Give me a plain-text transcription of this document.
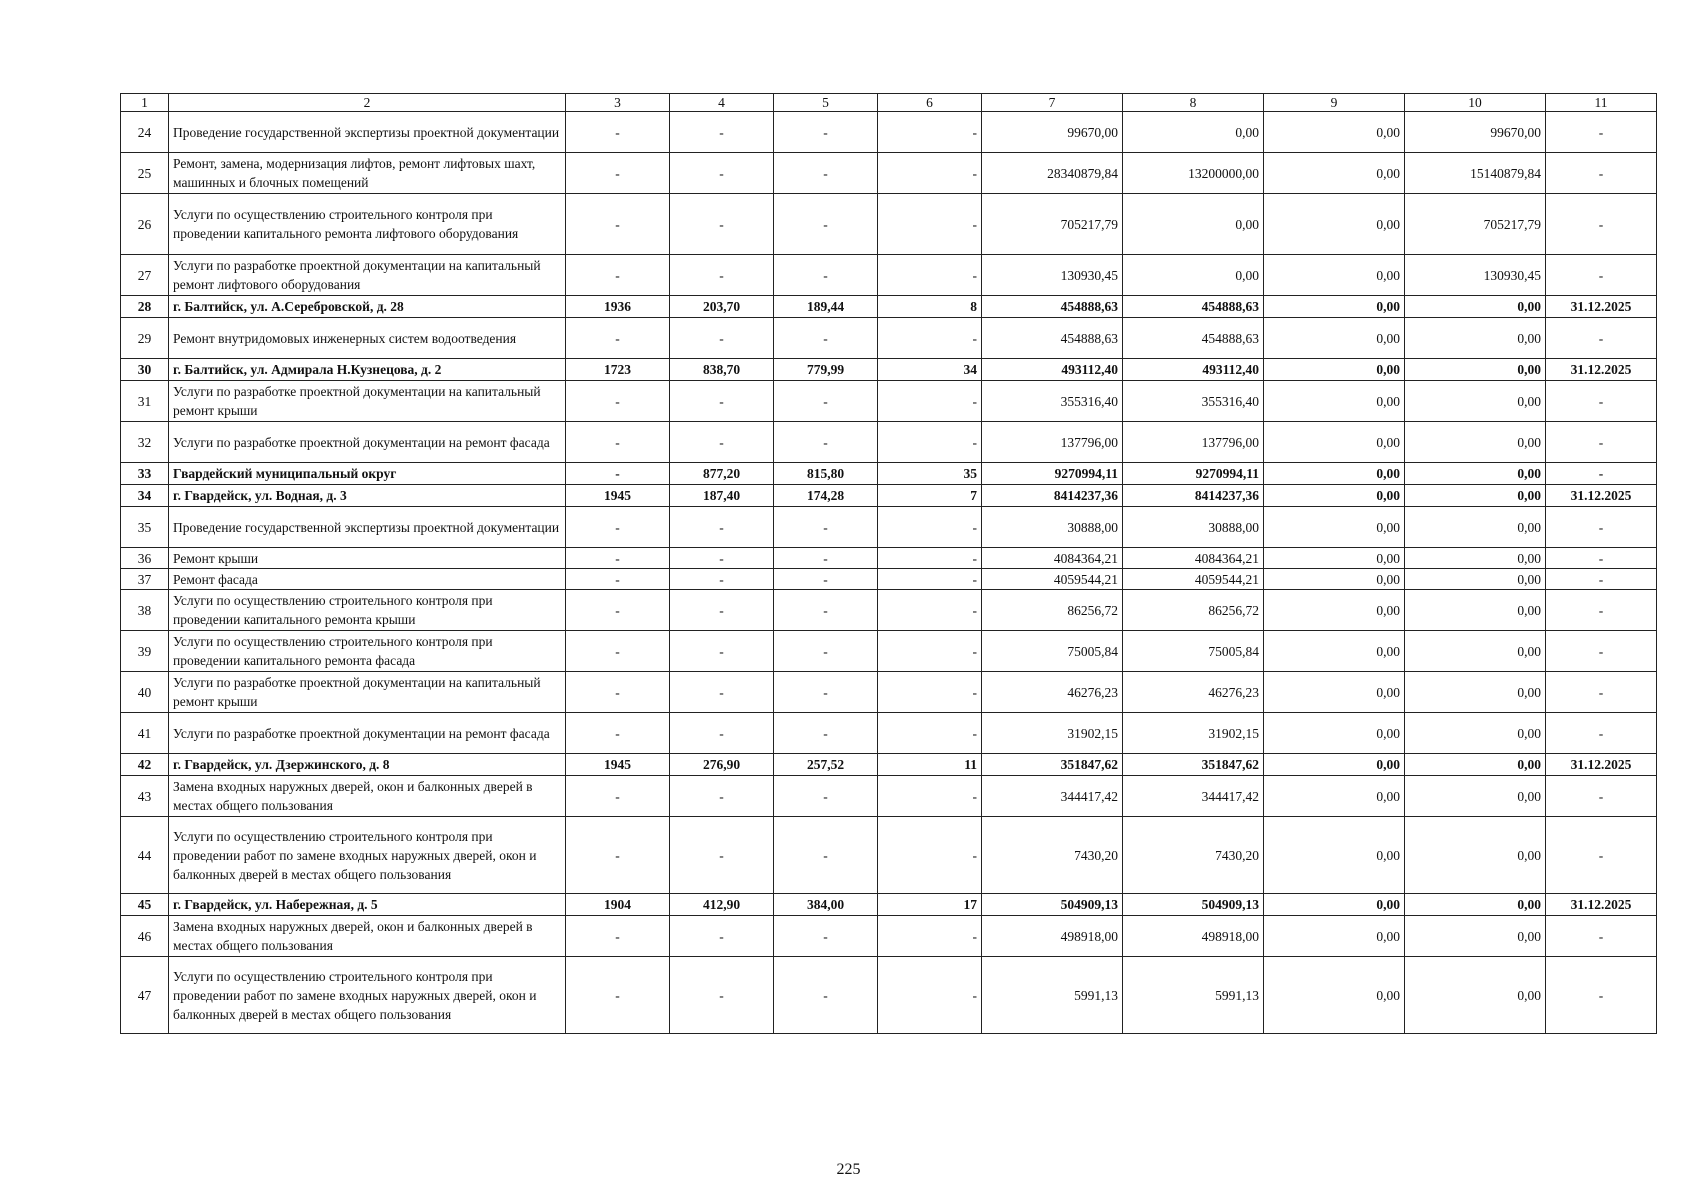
1	2	3	4	5	6	7	8	9	10	11
24	Проведение государственной экспертизы проектной документации	-	-	-	-	99670,00	0,00	0,00	99670,00	-
25	Ремонт, замена, модернизация лифтов, ремонт лифтовых шахт, машинных и блочных помещений	-	-	-	-	28340879,84	13200000,00	0,00	15140879,84	-
26	Услуги по осуществлению строительного контроля при проведении капитального ремонта лифтового оборудования	-	-	-	-	705217,79	0,00	0,00	705217,79	-
27	Услуги по разработке проектной документации на капитальный ремонт лифтового оборудования	-	-	-	-	130930,45	0,00	0,00	130930,45	-
28	г. Балтийск, ул. А.Серебровской, д. 28	1936	203,70	189,44	8	454888,63	454888,63	0,00	0,00	31.12.2025
29	Ремонт внутридомовых инженерных систем водоотведения	-	-	-	-	454888,63	454888,63	0,00	0,00	-
30	г. Балтийск, ул. Адмирала Н.Кузнецова, д. 2	1723	838,70	779,99	34	493112,40	493112,40	0,00	0,00	31.12.2025
31	Услуги по разработке проектной документации на капитальный ремонт крыши	-	-	-	-	355316,40	355316,40	0,00	0,00	-
32	Услуги по разработке проектной документации на ремонт фасада	-	-	-	-	137796,00	137796,00	0,00	0,00	-
33	Гвардейский муниципальный округ	-	877,20	815,80	35	9270994,11	9270994,11	0,00	0,00	-
34	г. Гвардейск, ул. Водная, д. 3	1945	187,40	174,28	7	8414237,36	8414237,36	0,00	0,00	31.12.2025
35	Проведение государственной экспертизы проектной документации	-	-	-	-	30888,00	30888,00	0,00	0,00	-
36	Ремонт крыши	-	-	-	-	4084364,21	4084364,21	0,00	0,00	-
37	Ремонт фасада	-	-	-	-	4059544,21	4059544,21	0,00	0,00	-
38	Услуги по осуществлению строительного контроля при проведении капитального ремонта крыши	-	-	-	-	86256,72	86256,72	0,00	0,00	-
39	Услуги по осуществлению строительного контроля при проведении капитального ремонта фасада	-	-	-	-	75005,84	75005,84	0,00	0,00	-
40	Услуги по разработке проектной документации на капитальный ремонт крыши	-	-	-	-	46276,23	46276,23	0,00	0,00	-
41	Услуги по разработке проектной документации на ремонт фасада	-	-	-	-	31902,15	31902,15	0,00	0,00	-
42	г. Гвардейск, ул. Дзержинского, д. 8	1945	276,90	257,52	11	351847,62	351847,62	0,00	0,00	31.12.2025
43	Замена входных наружных дверей, окон и балконных дверей в местах общего пользования	-	-	-	-	344417,42	344417,42	0,00	0,00	-
44	Услуги по осуществлению строительного контроля при проведении работ по замене входных наружных дверей, окон и балконных дверей в местах общего пользования	-	-	-	-	7430,20	7430,20	0,00	0,00	-
45	г. Гвардейск, ул. Набережная, д. 5	1904	412,90	384,00	17	504909,13	504909,13	0,00	0,00	31.12.2025
46	Замена входных наружных дверей, окон и балконных дверей в местах общего пользования	-	-	-	-	498918,00	498918,00	0,00	0,00	-
47	Услуги по осуществлению строительного контроля при проведении работ по замене входных наружных дверей, окон и балконных дверей в местах общего пользования	-	-	-	-	5991,13	5991,13	0,00	0,00	-
225
